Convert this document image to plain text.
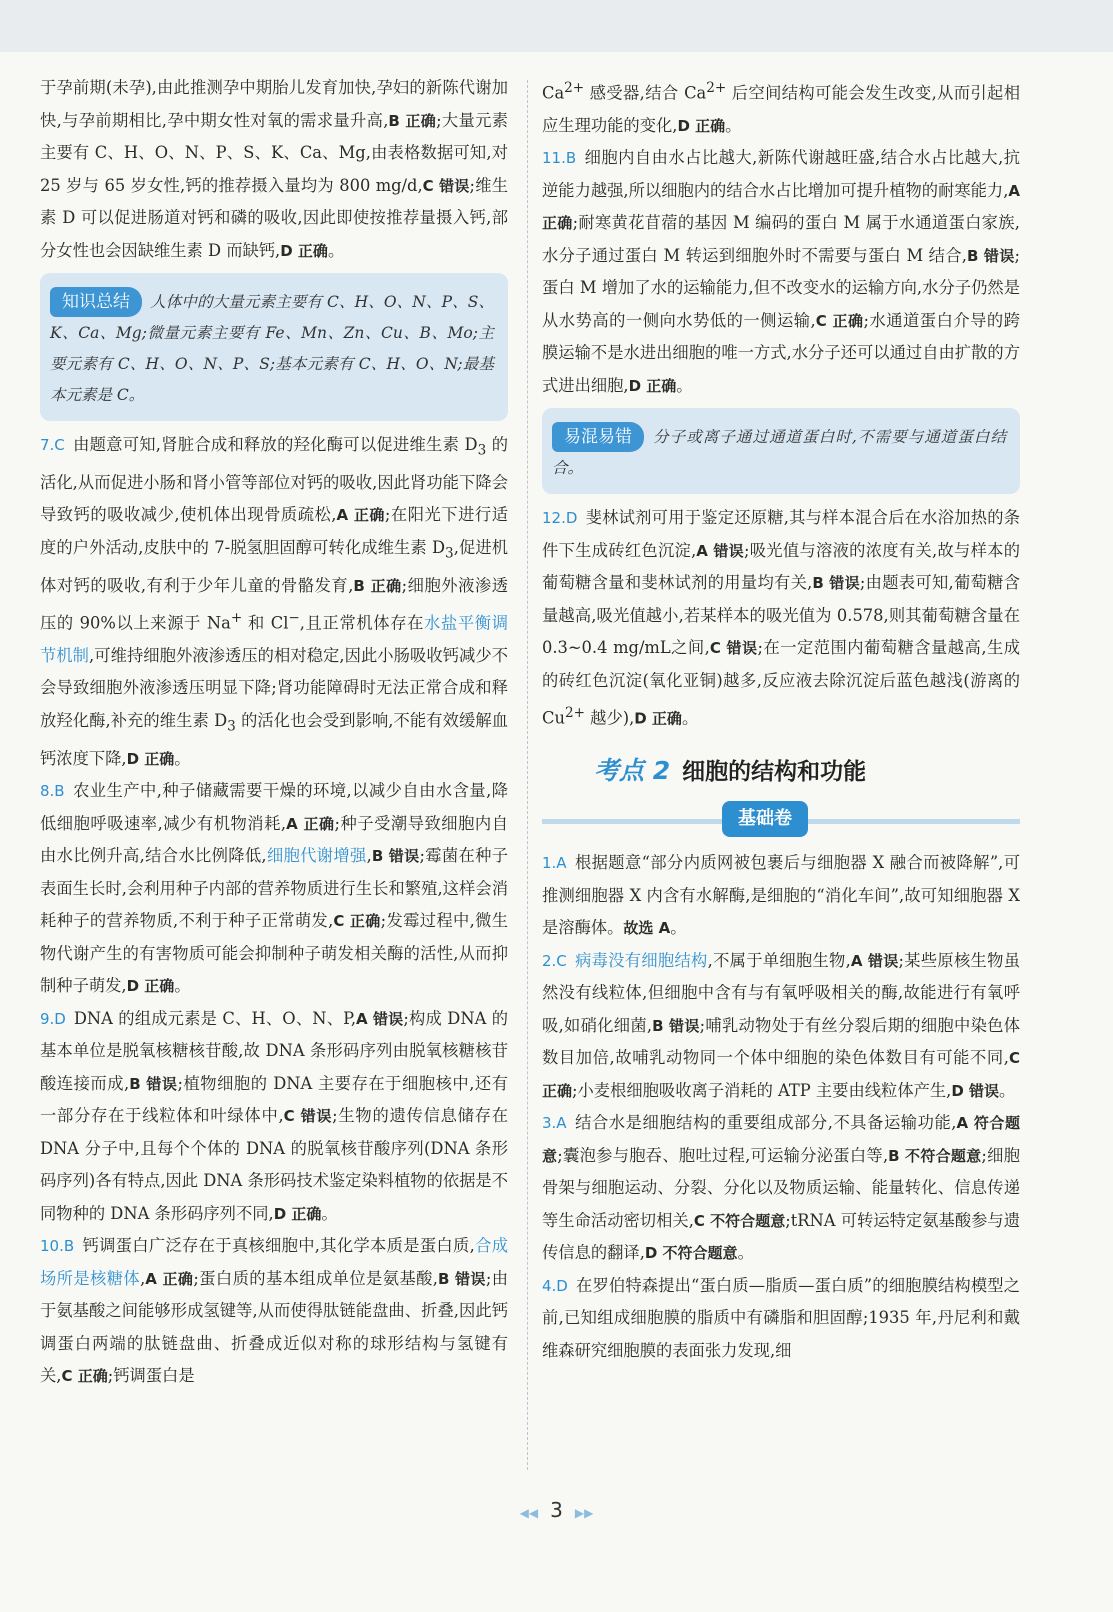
于孕前期(未孕),由此推测孕中期胎儿发育加快,孕妇的新陈代谢加快,与孕前期相比,孕中期女性对氧的需求量升高,B 正确;大量元素主要有 C、H、O、N、P、S、K、Ca、Mg,由表格数据可知,对 25 岁与 65 岁女性,钙的推荐摄入量均为 800 mg/d,C 错误;维生素 D 可以促进肠道对钙和磷的吸收,因此即使按推荐量摄入钙,部分女性也会因缺维生素 D 而缺钙,D 正确。

知识总结 人体中的大量元素主要有 C、H、O、N、P、S、K、Ca、Mg;微量元素主要有 Fe、Mn、Zn、Cu、B、Mo;主要元素有 C、H、O、N、P、S;基本元素有 C、H、O、N;最基本元素是 C。

7.C 由题意可知,肾脏合成和释放的羟化酶可以促进维生素 $D_3$ 的活化,从而促进小肠和肾小管等部位对钙的吸收,因此肾功能下降会导致钙的吸收减少,使机体出现骨质疏松,A 正确;在阳光下进行适度的户外活动,皮肤中的 7-脱氢胆固醇可转化成维生素 $D_3$,促进机体对钙的吸收,有利于少年儿童的骨骼发育,B 正确;细胞外液渗透压的 90%以上来源于 Na+ 和 Cl−,且正常机体存在水盐平衡调节机制,可维持细胞外液渗透压的相对稳定,因此小肠吸收钙减少不会导致细胞外液渗透压明显下降;肾功能障碍时无法正常合成和释放羟化酶,补充的维生素 $D_3$ 的活化也会受到影响,不能有效缓解血钙浓度下降,D 正确。

8.B 农业生产中,种子储藏需要干燥的环境,以减少自由水含量,降低细胞呼吸速率,减少有机物消耗,A 正确;种子受潮导致细胞内自由水比例升高,结合水比例降低,细胞代谢增强,B 错误;霉菌在种子表面生长时,会利用种子内部的营养物质进行生长和繁殖,这样会消耗种子的营养物质,不利于种子正常萌发,C 正确;发霉过程中,微生物代谢产生的有害物质可能会抑制种子萌发相关酶的活性,从而抑制种子萌发,D 正确。

9.D DNA 的组成元素是 C、H、O、N、P,A 错误;构成 DNA 的基本单位是脱氧核糖核苷酸,故 DNA 条形码序列由脱氧核糖核苷酸连接而成,B 错误;植物细胞的 DNA 主要存在于细胞核中,还有一部分存在于线粒体和叶绿体中,C 错误;生物的遗传信息储存在 DNA 分子中,且每个个体的 DNA 的脱氧核苷酸序列(DNA 条形码序列)各有特点,因此 DNA 条形码技术鉴定染料植物的依据是不同物种的 DNA 条形码序列不同,D 正确。

10.B 钙调蛋白广泛存在于真核细胞中,其化学本质是蛋白质,合成场所是核糖体,A 正确;蛋白质的基本组成单位是氨基酸,B 错误;由于氨基酸之间能够形成氢键等,从而使得肽链能盘曲、折叠,因此钙调蛋白两端的肽链盘曲、折叠成近似对称的球形结构与氢键有关,C 正确;钙调蛋白是

$Ca^{2+}$ 感受器,结合 $Ca^{2+}$ 后空间结构可能会发生改变,从而引起相应生理功能的变化,D 正确。

11.B 细胞内自由水占比越大,新陈代谢越旺盛,结合水占比越大,抗逆能力越强,所以细胞内的结合水占比增加可提升植物的耐寒能力,A 正确;耐寒黄花苜蓿的基因 M 编码的蛋白 M 属于水通道蛋白家族,水分子通过蛋白 M 转运到细胞外时不需要与蛋白 M 结合,B 错误;蛋白 M 增加了水的运输能力,但不改变水的运输方向,水分子仍然是从水势高的一侧向水势低的一侧运输,C 正确;水通道蛋白介导的跨膜运输不是水进出细胞的唯一方式,水分子还可以通过自由扩散的方式进出细胞,D 正确。

易混易错 分子或离子通过通道蛋白时,不需要与通道蛋白结合。

12.D 斐林试剂可用于鉴定还原糖,其与样本混合后在水浴加热的条件下生成砖红色沉淀,A 错误;吸光值与溶液的浓度有关,故与样本的葡萄糖含量和斐林试剂的用量均有关,B 错误;由题表可知,葡萄糖含量越高,吸光值越小,若某样本的吸光值为 0.578,则其葡萄糖含量在 0.3~0.4 mg/mL之间,C 错误;在一定范围内葡萄糖含量越高,生成的砖红色沉淀(氧化亚铜)越多,反应液去除沉淀后蓝色越浅(游离的 $Cu^{2+}$ 越少),D 正确。

考点 2 细胞的结构和功能
基础卷

1.A 根据题意“部分内质网被包裹后与细胞器 X 融合而被降解”,可推测细胞器 X 内含有水解酶,是细胞的“消化车间”,故可知细胞器 X 是溶酶体。故选 A。

2.C 病毒没有细胞结构,不属于单细胞生物,A 错误;某些原核生物虽然没有线粒体,但细胞中含有与有氧呼吸相关的酶,故能进行有氧呼吸,如硝化细菌,B 错误;哺乳动物处于有丝分裂后期的细胞中染色体数目加倍,故哺乳动物同一个体中细胞的染色体数目有可能不同,C 正确;小麦根细胞吸收离子消耗的 ATP 主要由线粒体产生,D 错误。

3.A 结合水是细胞结构的重要组成部分,不具备运输功能,A 符合题意;囊泡参与胞吞、胞吐过程,可运输分泌蛋白等,B 不符合题意;细胞骨架与细胞运动、分裂、分化以及物质运输、能量转化、信息传递等生命活动密切相关,C 不符合题意;tRNA 可转运特定氨基酸参与遗传信息的翻译,D 不符合题意。

4.D 在罗伯特森提出“蛋白质—脂质—蛋白质”的细胞膜结构模型之前,已知组成细胞膜的脂质中有磷脂和胆固醇;1935 年,丹尼利和戴维森研究细胞膜的表面张力发现,细

◀◀ 3 ▶▶
